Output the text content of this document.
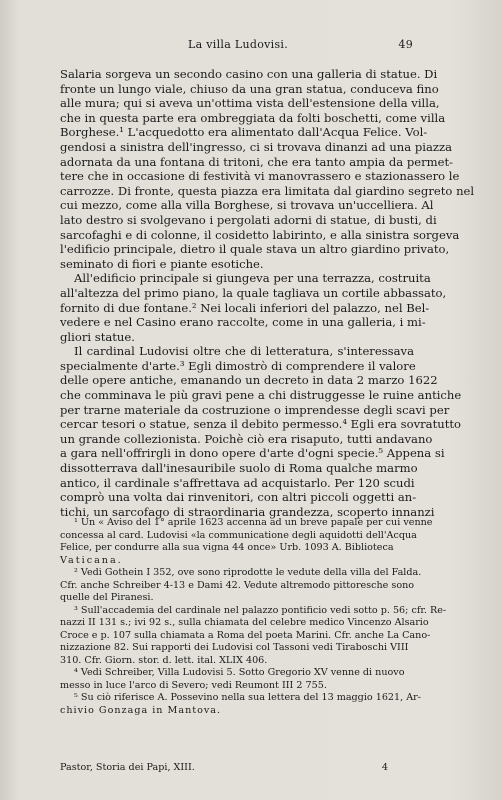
La villa Ludovisi.	49
Salaria sorgeva un secondo casino con una galleria di statue. Di
fronte un lungo viale, chiuso da una gran statua, conduceva fino
alle mura; qui si aveva un'ottima vista dell'estensione della villa,
che in questa parte era ombreggiata da folti boschetti, come villa
Borghese.¹ L'acquedotto era alimentato dall'Acqua Felice. Vol-
gendosi a sinistra dell'ingresso, ci si trovava dinanzi ad una piazza
adornata da una fontana di tritoni, che era tanto ampia da permet-
tere che in occasione di festività vi manovrassero e stazionassero le
carrozze. Di fronte, questa piazza era limitata dal giardino segreto nel
cui mezzo, come alla villa Borghese, si trovava un'uccelliera. Al
lato destro si svolgevano i pergolati adorni di statue, di busti, di
sarcofaghi e di colonne, il cosidetto labirinto, e alla sinistra sorgeva
l'edificio principale, dietro il quale stava un altro giardino privato,
seminato di fiori e piante esotiche.
All'edificio principale si giungeva per una terrazza, costruita
all'altezza del primo piano, la quale tagliava un cortile abbassato,
fornito di due fontane.² Nei locali inferiori del palazzo, nel Bel-
vedere e nel Casino erano raccolte, come in una galleria, i mi-
gliori statue.
Il cardinal Ludovisi oltre che di letteratura, s'interessava
specialmente d'arte.³ Egli dimostrò di comprendere il valore
delle opere antiche, emanando un decreto in data 2 marzo 1622
che comminava le più gravi pene a chi distruggesse le ruine antiche
per trarne materiale da costruzione o imprendesse degli scavi per
cercar tesori o statue, senza il debito permesso.⁴ Egli era sovratutto
un grande collezionista. Poichè ciò era risaputo, tutti andavano
a gara nell'offrirgli in dono opere d'arte d'ogni specie.⁵ Appena si
dissotterrava dall'inesauribile suolo di Roma qualche marmo
antico, il cardinale s'affrettava ad acquistarlo. Per 120 scudi
comprò una volta dai rinvenitori, con altri piccoli oggetti an-
tichi, un sarcofago di straordinaria grandezza, scoperto innanzi
¹ Un « Aviso del 1° aprile 1623 accenna ad un breve papale per cui venne
concessa al card. Ludovisi «la communicatione degli aquidotti dell'Acqua
Felice, per condurre alla sua vigna 44 once» Urb. 1093 A. Biblioteca
Vaticana.
² Vedi Gothein I 352, ove sono riprodotte le vedute della villa del Falda.
Cfr. anche Schreiber 4-13 e Dami 42. Vedute altremodo pittoresche sono
quelle del Piranesi.
³ Sull'accademia del cardinale nel palazzo pontificio vedi sotto p. 56; cfr. Re-
nazzi II 131 s.; ivi 92 s., sulla chiamata del celebre medico Vincenzo Alsario
Croce e p. 107 sulla chiamata a Roma del poeta Marini. Cfr. anche La Cano-
nizzazione 82. Sui rapporti dei Ludovisi col Tassoni vedi Tiraboschi VIII
310. Cfr. Giorn. stor. d. lett. ital. XLIX 406.
⁴ Vedi Schreiber, Villa Ludovisi 5. Sotto Gregorio XV venne di nuovo
messo in luce l'arco di Severo; vedi Reumont III 2 755.
⁵ Su ciò riferisce A. Possevino nella sua lettera del 13 maggio 1621, Ar-
chivio Gonzaga in Mantova.
Pastor, Storia dei Papi, XIII.	4
